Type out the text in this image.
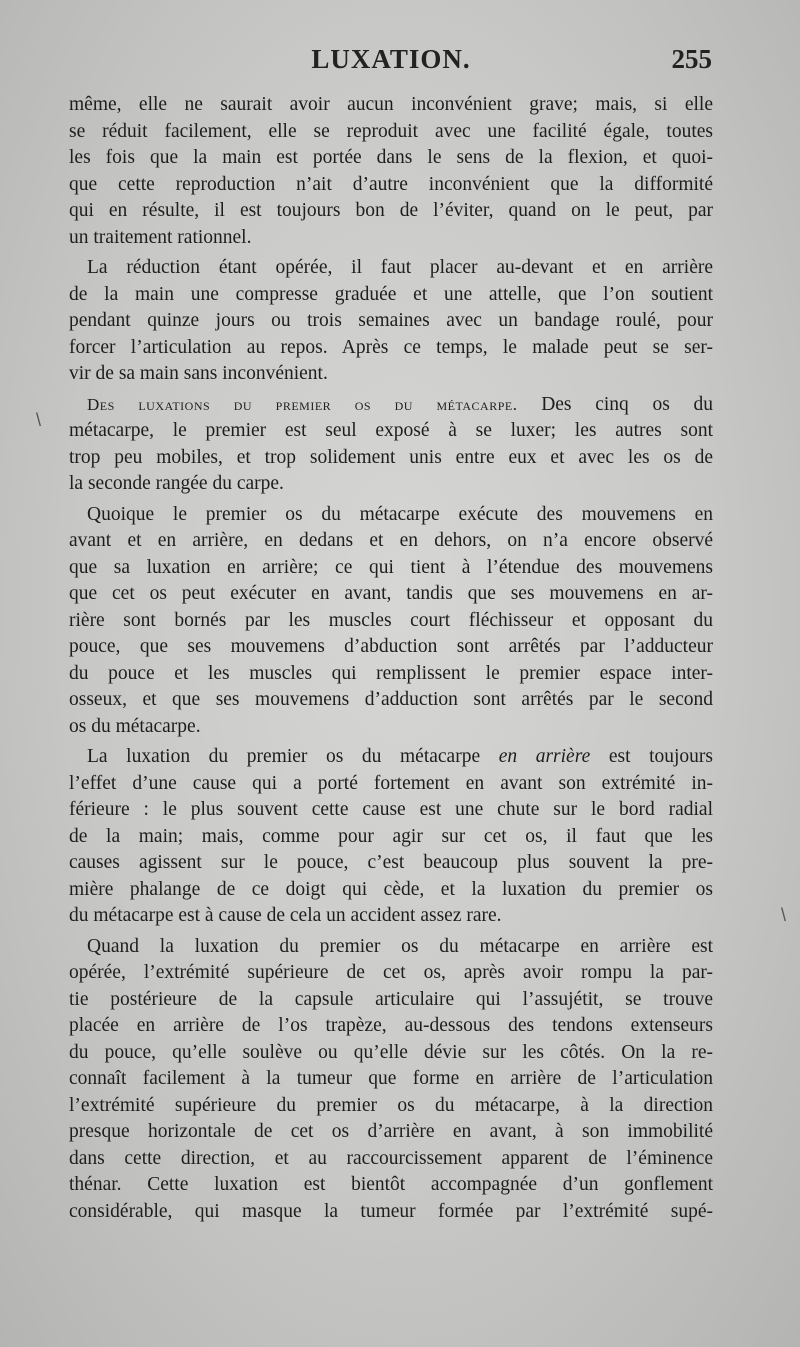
LUXATION.	255
même, elle ne saurait avoir aucun inconvénient grave; mais, si elle
se réduit facilement, elle se reproduit avec une facilité égale, toutes
les fois que la main est portée dans le sens de la flexion, et quoi-
que cette reproduction n’ait d’autre inconvénient que la difformité
qui en résulte, il est toujours bon de l’éviter, quand on le peut, par
un traitement rationnel.
La réduction étant opérée, il faut placer au-devant et en arrière
de la main une compresse graduée et une attelle, que l’on soutient
pendant quinze jours ou trois semaines avec un bandage roulé, pour
forcer l’articulation au repos. Après ce temps, le malade peut se ser-
vir de sa main sans inconvénient.
Des luxations du premier os du métacarpe. Des cinq os du
métacarpe, le premier est seul exposé à se luxer; les autres sont
trop peu mobiles, et trop solidement unis entre eux et avec les os de
la seconde rangée du carpe.
Quoique le premier os du métacarpe exécute des mouvemens en
avant et en arrière, en dedans et en dehors, on n’a encore observé
que sa luxation en arrière; ce qui tient à l’étendue des mouvemens
que cet os peut exécuter en avant, tandis que ses mouvemens en ar-
rière sont bornés par les muscles court fléchisseur et opposant du
pouce, que ses mouvemens d’abduction sont arrêtés par l’adducteur
du pouce et les muscles qui remplissent le premier espace inter-
osseux, et que ses mouvemens d’adduction sont arrêtés par le second
os du métacarpe.
La luxation du premier os du métacarpe en arrière est toujours
l’effet d’une cause qui a porté fortement en avant son extrémité in-
férieure : le plus souvent cette cause est une chute sur le bord radial
de la main; mais, comme pour agir sur cet os, il faut que les
causes agissent sur le pouce, c’est beaucoup plus souvent la pre-
mière phalange de ce doigt qui cède, et la luxation du premier os
du métacarpe est à cause de cela un accident assez rare.
Quand la luxation du premier os du métacarpe en arrière est
opérée, l’extrémité supérieure de cet os, après avoir rompu la par-
tie postérieure de la capsule articulaire qui l’assujétit, se trouve
placée en arrière de l’os trapèze, au-dessous des tendons extenseurs
du pouce, qu’elle soulève ou qu’elle dévie sur les côtés. On la re-
connaît facilement à la tumeur que forme en arrière de l’articulation
l’extrémité supérieure du premier os du métacarpe, à la direction
presque horizontale de cet os d’arrière en avant, à son immobilité
dans cette direction, et au raccourcissement apparent de l’éminence
thénar. Cette luxation est bientôt accompagnée d’un gonflement
considérable, qui masque la tumeur formée par l’extrémité supé-
\
\
